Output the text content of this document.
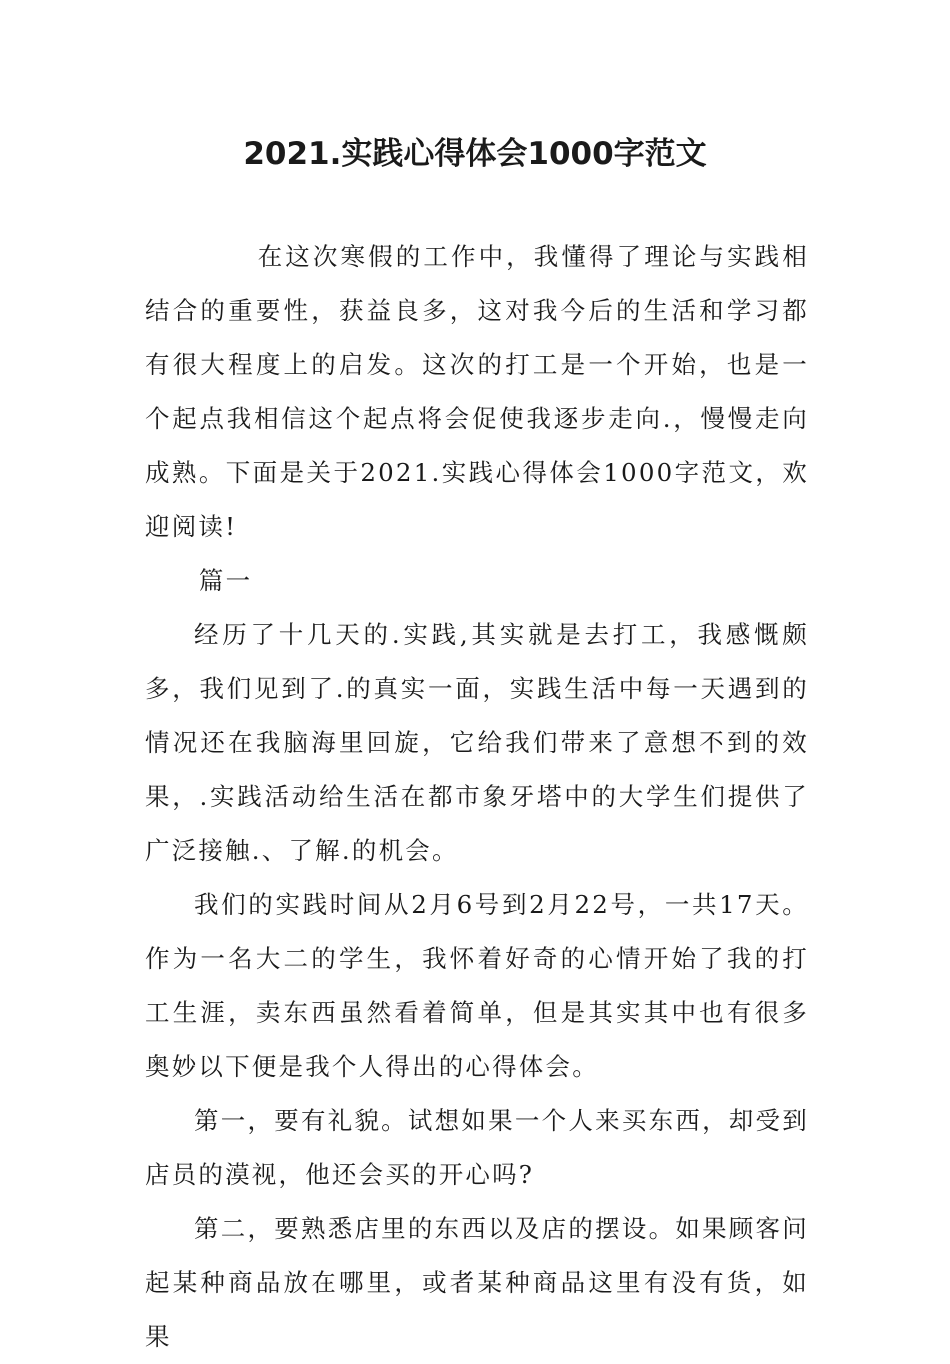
2021.实践心得体会1000字范文

在这次寒假的工作中，我懂得了理论与实践相结合的重要性，获益良多，这对我今后的生活和学习都有很大程度上的启发。这次的打工是一个开始，也是一个起点我相信这个起点将会促使我逐步走向.，慢慢走向成熟。下面是关于2021.实践心得体会1000字范文，欢迎阅读!

篇一

经历了十几天的.实践,其实就是去打工，我感慨颇多，我们见到了.的真实一面，实践生活中每一天遇到的情况还在我脑海里回旋，它给我们带来了意想不到的效果，.实践活动给生活在都市象牙塔中的大学生们提供了广泛接触.、了解.的机会。

我们的实践时间从2月6号到2月22号，一共17天。作为一名大二的学生，我怀着好奇的心情开始了我的打工生涯，卖东西虽然看着简单，但是其实其中也有很多奥妙以下便是我个人得出的心得体会。

第一，要有礼貌。试想如果一个人来买东西，却受到店员的漠视，他还会买的开心吗?

第二，要熟悉店里的东西以及店的摆设。如果顾客问起某种商品放在哪里，或者某种商品这里有没有货，如果
